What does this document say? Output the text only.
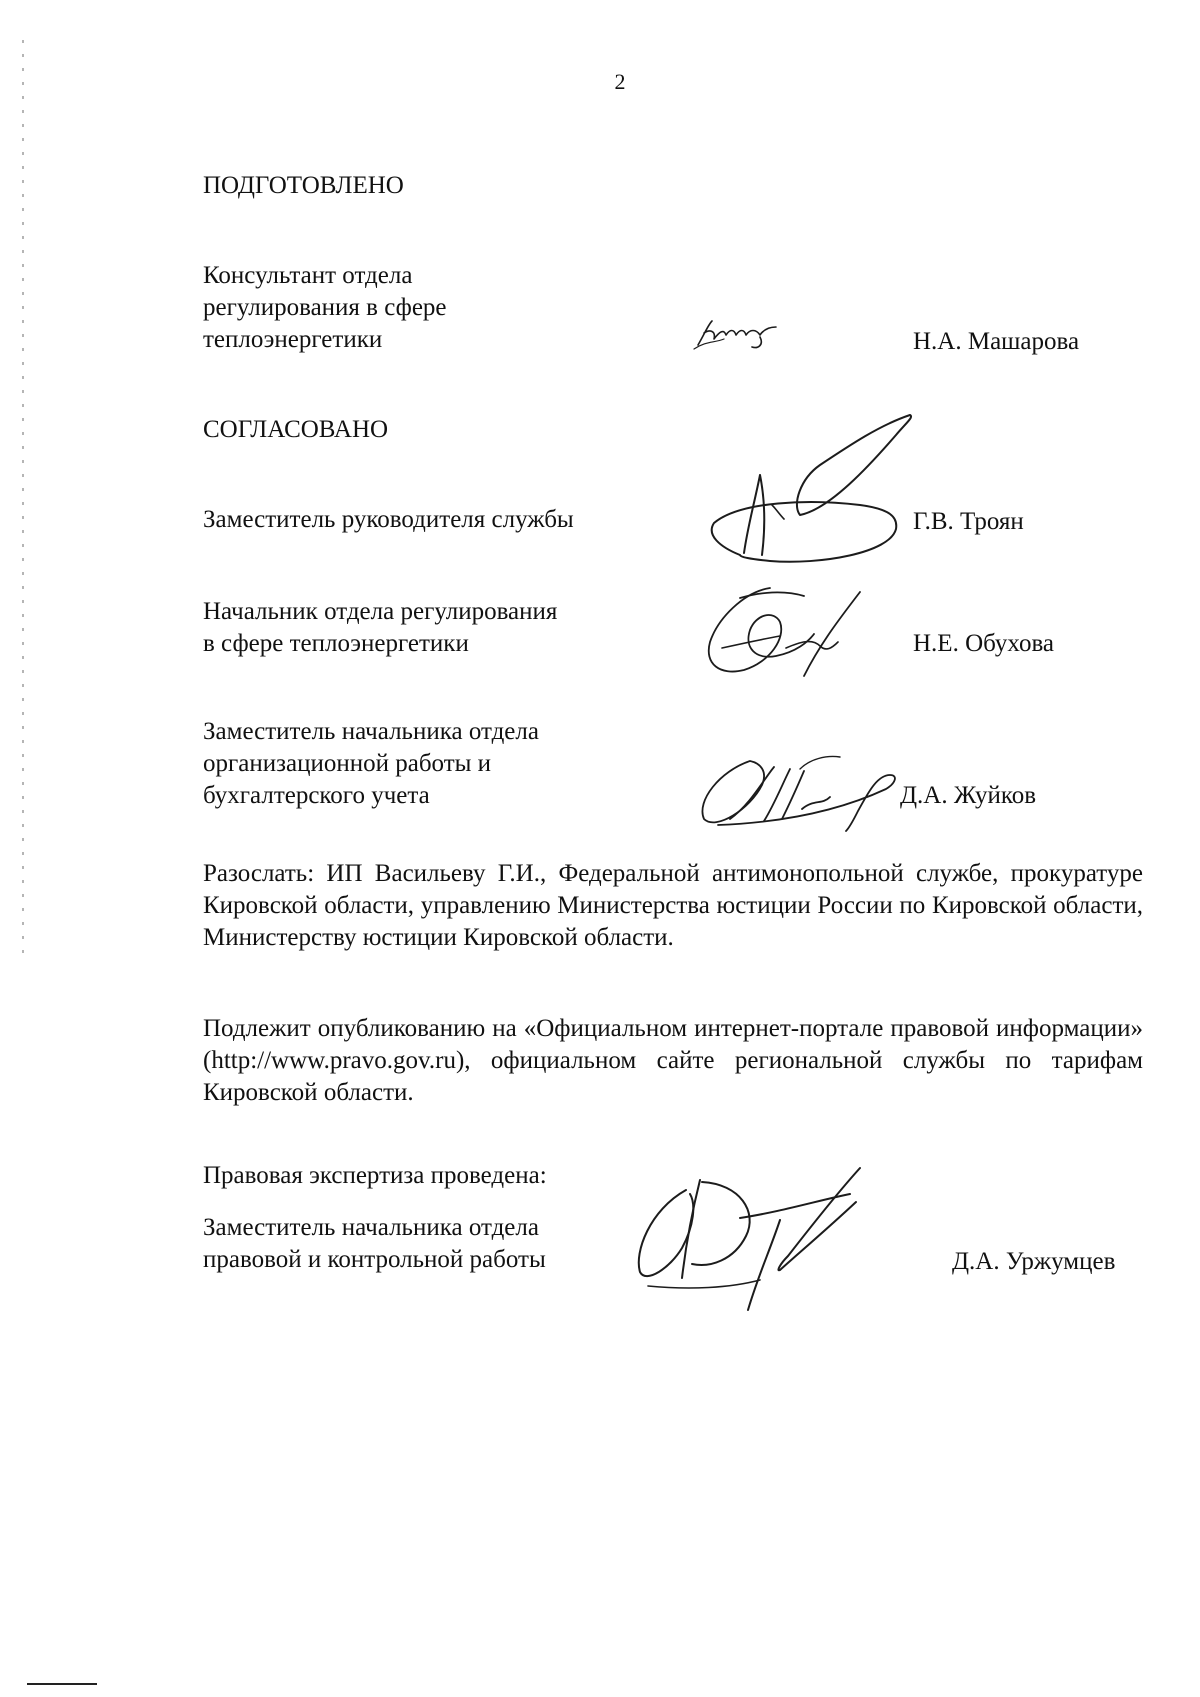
2
ПОДГОТОВЛЕНО
Консультант отдела
регулирования в сфере
теплоэнергетики	Н.А. Машарова
СОГЛАСОВАНО
Заместитель руководителя службы	Г.В. Троян
Начальник отдела регулирования
в сфере теплоэнергетики	Н.Е. Обухова
Заместитель начальника отдела
организационной работы и
бухгалтерского учета	Д.А. Жуйков
Разослать: ИП Васильеву Г.И., Федеральной антимонопольной службе, прокуратуре Кировской области, управлению Министерства юстиции России по Кировской области, Министерству юстиции Кировской области.
Подлежит опубликованию на «Официальном интернет-портале правовой информации» (http://www.pravo.gov.ru), официальном сайте региональной службы по тарифам Кировской области.
Правовая экспертиза проведена:
Заместитель начальника отдела
правовой и контрольной работы	Д.А. Уржумцев
